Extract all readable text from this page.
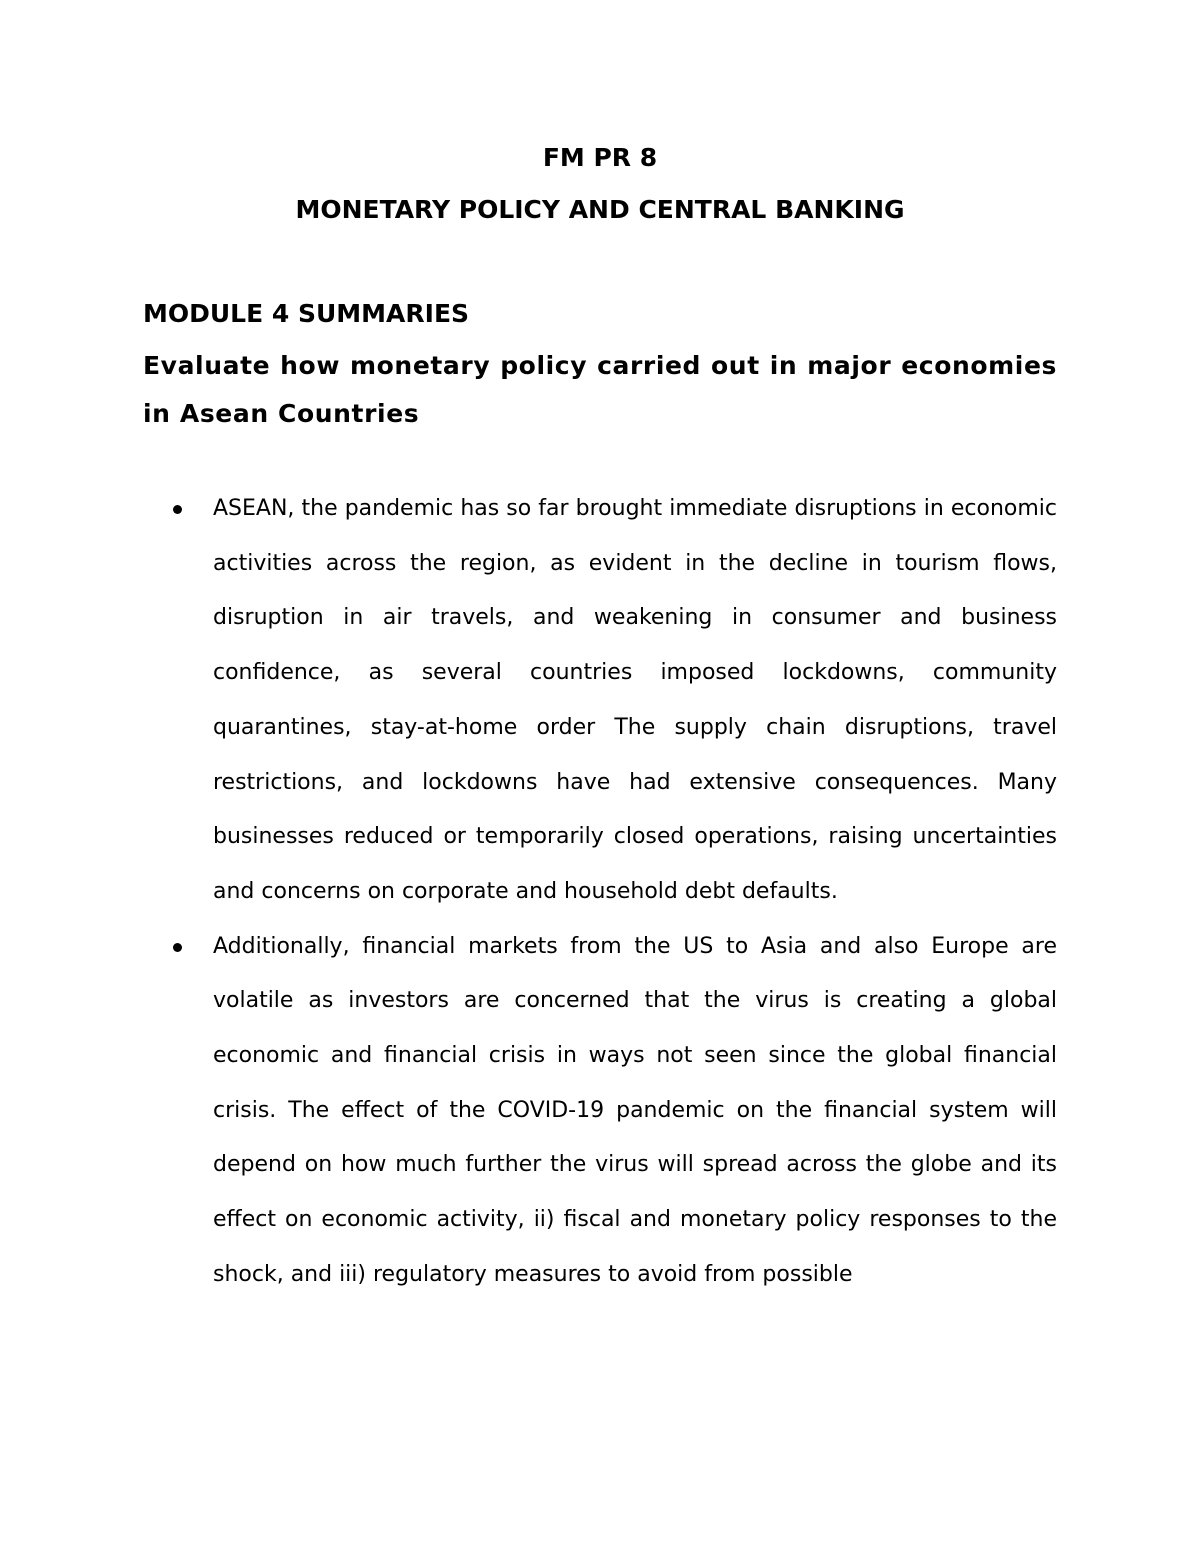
FM PR 8
MONETARY POLICY AND CENTRAL BANKING
MODULE 4 SUMMARIES

Evaluate how monetary policy carried out in major economies in Asean Countries

ASEAN, the pandemic has so far brought immediate disruptions in economic activities across the region, as evident in the decline in tourism flows, disruption in air travels, and weakening in consumer and business confidence, as several countries imposed lockdowns, community quarantines, stay-at-home order The supply chain disruptions, travel restrictions, and lockdowns have had extensive consequences. Many businesses reduced or temporarily closed operations, raising uncertainties and concerns on corporate and household debt defaults.
Additionally, financial markets from the US to Asia and also Europe are volatile as investors are concerned that the virus is creating a global economic and financial crisis in ways not seen since the global financial crisis. The effect of the COVID-19 pandemic on the financial system will depend on how much further the virus will spread across the globe and its effect on economic activity, ii) fiscal and monetary policy responses to the shock, and iii) regulatory measures to avoid from possible
